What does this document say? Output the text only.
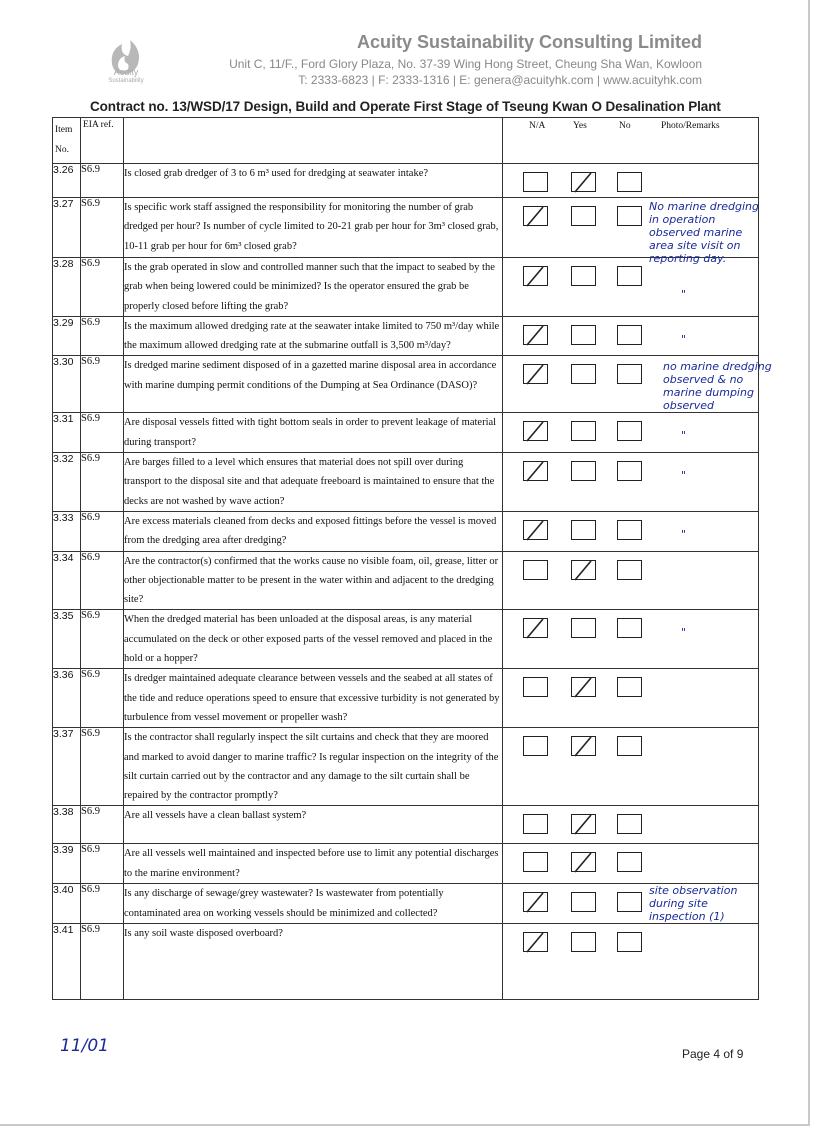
Acuity
Sustainability
Acuity Sustainability Consulting Limited
Unit C, 11/F., Ford Glory Plaza, No. 37-39 Wing Hong Street, Cheung Sha Wan, Kowloon
T: 2333-6823 | F: 2333-1316 | E: genera@acuityhk.com | www.acuityhk.com
Contract no. 13/WSD/17 Design, Build and Operate First Stage of Tseung Kwan O Desalination Plant
Item No.	EIA ref.		N/A Yes No Photo/Remarks

3.26	S6.9	Is closed grab dredger of 3 to 6 m³ used for dredging at seawater intake?	

3.27	S6.9	Is specific work staff assigned the responsibility for monitoring the number of grab dredged per hour? Is number of cycle limited to 20-21 grab per hour for 3m³ closed grab, 10-11 grab per hour for 6m³ closed grab?	No marine dredging in operation observed marine area site visit on reporting day.

3.28	S6.9	Is the grab operated in slow and controlled manner such that the impact to seabed by the grab when being lowered could be minimized? Is the operator ensured the grab be properly closed before lifting the grab?	"

3.29	S6.9	Is the maximum allowed dredging rate at the seawater intake limited to 750 m³/day while the maximum allowed dredging rate at the submarine outfall is 3,500 m³/day?	"

3.30	S6.9	Is dredged marine sediment disposed of in a gazetted marine disposal area in accordance with marine dumping permit conditions of the Dumping at Sea Ordinance (DASO)?	no marine dredging observed & no marine dumping observed

3.31	S6.9	Are disposal vessels fitted with tight bottom seals in order to prevent leakage of material during transport?	"

3.32	S6.9	Are barges filled to a level which ensures that material does not spill over during transport to the disposal site and that adequate freeboard is maintained to ensure that the decks are not washed by wave action?	"

3.33	S6.9	Are excess materials cleaned from decks and exposed fittings before the vessel is moved from the dredging area after dredging?	"

3.34	S6.9	Are the contractor(s) confirmed that the works cause no visible foam, oil, grease, litter or other objectionable matter to be present in the water within and adjacent to the dredging site?	

3.35	S6.9	When the dredged material has been unloaded at the disposal areas, is any material accumulated on the deck or other exposed parts of the vessel removed and placed in the hold or a hopper?	"

3.36	S6.9	Is dredger maintained adequate clearance between vessels and the seabed at all states of the tide and reduce operations speed to ensure that excessive turbidity is not generated by turbulence from vessel movement or propeller wash?	

3.37	S6.9	Is the contractor shall regularly inspect the silt curtains and check that they are moored and marked to avoid danger to marine traffic? Is regular inspection on the integrity of the silt curtain carried out by the contractor and any damage to the silt curtain shall be repaired by the contractor promptly?	

3.38	S6.9	Are all vessels have a clean ballast system?	

3.39	S6.9	Are all vessels well maintained and inspected before use to limit any potential discharges to the marine environment?	

3.40	S6.9	Is any discharge of sewage/grey wastewater? Is wastewater from potentially contaminated area on working vessels should be minimized and collected?	site observation during site inspection (1)

3.41	S6.9	Is any soil waste disposed overboard?	
11/01	Page 4 of 9
